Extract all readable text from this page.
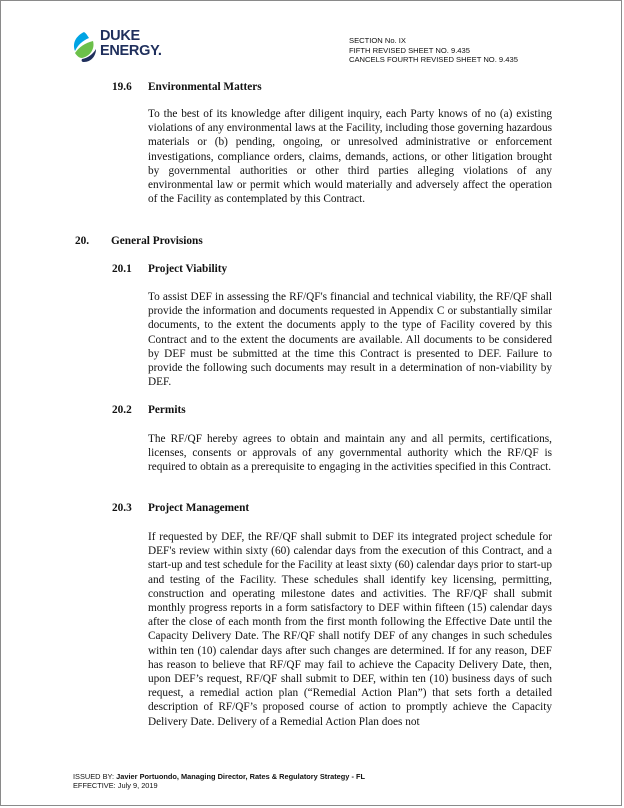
DUKE
ENERGY.
SECTION No. IX
FIFTH REVISED SHEET NO. 9.435
CANCELS FOURTH REVISED SHEET NO. 9.435
19.6 Environmental Matters

To the best of its knowledge after diligent inquiry, each Party knows of no (a) existing violations of any environmental laws at the Facility, including those governing hazardous materials or (b) pending, ongoing, or unresolved administrative or enforcement investigations, compliance orders, claims, demands, actions, or other litigation brought by governmental authorities or other third parties alleging violations of any environmental law or permit which would materially and adversely affect the operation of the Facility as contemplated by this Contract.

20. General Provisions
20.1 Project Viability

To assist DEF in assessing the RF/QF's financial and technical viability, the RF/QF shall provide the information and documents requested in Appendix C or substantially similar documents, to the extent the documents apply to the type of Facility covered by this Contract and to the extent the documents are available. All documents to be considered by DEF must be submitted at the time this Contract is presented to DEF. Failure to provide the following such documents may result in a determination of non-viability by DEF.

20.2 Permits

The RF/QF hereby agrees to obtain and maintain any and all permits, certifications, licenses, consents or approvals of any governmental authority which the RF/QF is required to obtain as a prerequisite to engaging in the activities specified in this Contract.

20.3 Project Management

If requested by DEF, the RF/QF shall submit to DEF its integrated project schedule for DEF's review within sixty (60) calendar days from the execution of this Contract, and a start-up and test schedule for the Facility at least sixty (60) calendar days prior to start-up and testing of the Facility. These schedules shall identify key licensing, permitting, construction and operating milestone dates and activities. The RF/QF shall submit monthly progress reports in a form satisfactory to DEF within fifteen (15) calendar days after the close of each month from the first month following the Effective Date until the Capacity Delivery Date. The RF/QF shall notify DEF of any changes in such schedules within ten (10) calendar days after such changes are determined. If for any reason, DEF has reason to believe that RF/QF may fail to achieve the Capacity Delivery Date, then, upon DEF’s request, RF/QF shall submit to DEF, within ten (10) business days of such request, a remedial action plan (“Remedial Action Plan”) that sets forth a detailed description of RF/QF’s proposed course of action to promptly achieve the Capacity Delivery Date. Delivery of a Remedial Action Plan does not

ISSUED BY: Javier Portuondo, Managing Director, Rates & Regulatory Strategy - FL
EFFECTIVE: July 9, 2019
